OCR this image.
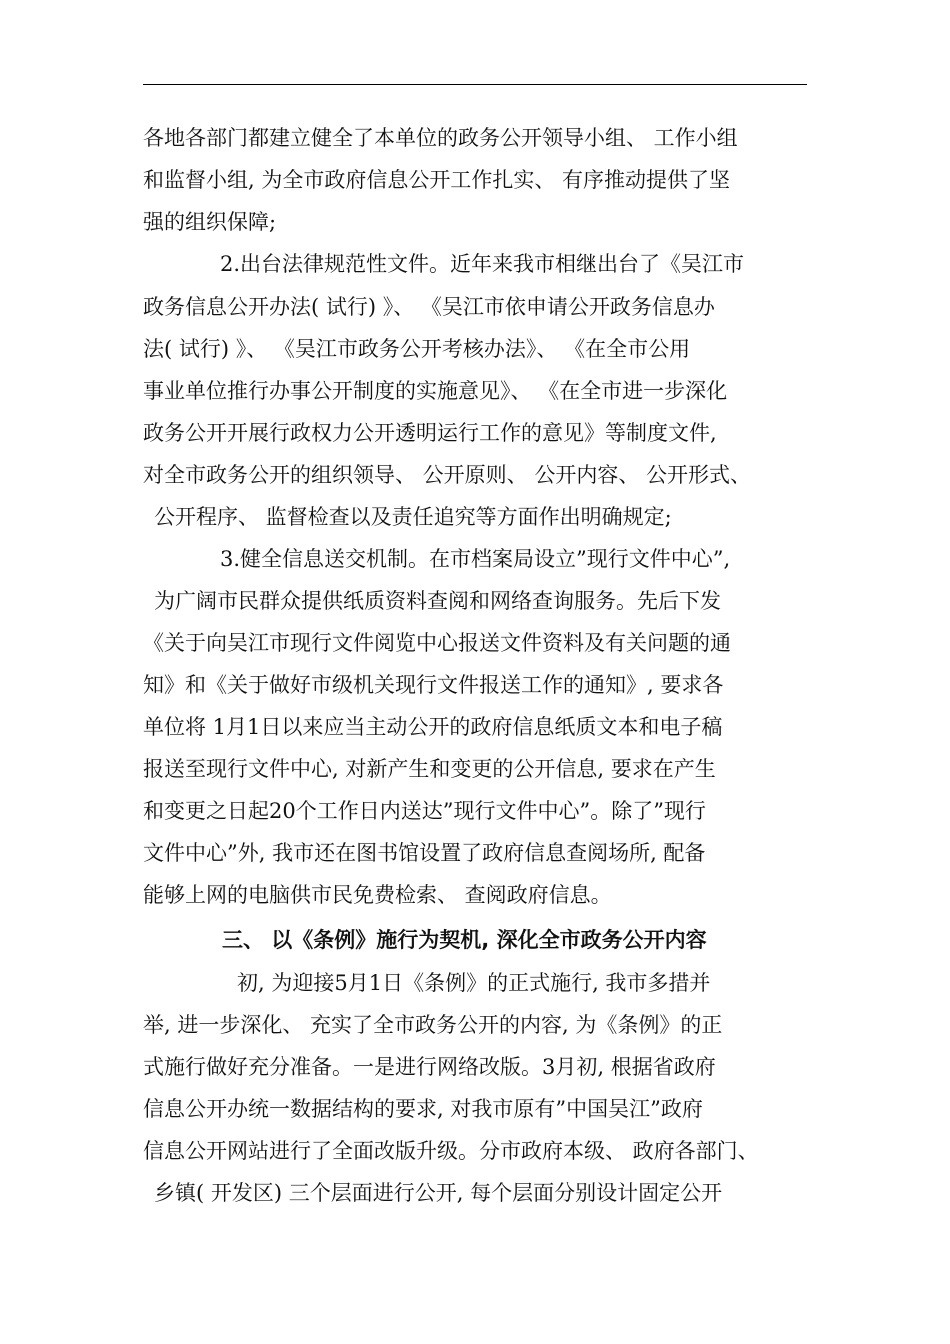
各地各部门都建立健全了本单位的政务公开领导小组、 工作小组
和监督小组, 为全市政府信息公开工作扎实、 有序推动提供了坚
强的组织保障;
2.出台法律规范性文件。近年来我市相继出台了《吴江市
政务信息公开办法( 试行) 》、 《吴江市依申请公开政务信息办
法( 试行) 》、 《吴江市政务公开考核办法》、 《在全市公用
事业单位推行办事公开制度的实施意见》、 《在全市进一步深化
政务公开开展行政权力公开透明运行工作的意见》等制度文件,
对全市政务公开的组织领导、 公开原则、 公开内容、 公开形式、
公开程序、 监督检查以及责任追究等方面作出明确规定;
3.健全信息送交机制。在市档案局设立”现行文件中心”,
为广阔市民群众提供纸质资料查阅和网络查询服务。先后下发
《关于向吴江市现行文件阅览中心报送文件资料及有关问题的通
知》和《关于做好市级机关现行文件报送工作的通知》, 要求各
单位将 1月1日以来应当主动公开的政府信息纸质文本和电子稿
报送至现行文件中心, 对新产生和变更的公开信息, 要求在产生
和变更之日起20个工作日内送达”现行文件中心”。除了”现行
文件中心”外, 我市还在图书馆设置了政府信息查阅场所, 配备
能够上网的电脑供市民免费检索、 查阅政府信息。
三、 以《条例》施行为契机, 深化全市政务公开内容
初, 为迎接5月1日《条例》的正式施行, 我市多措并
举, 进一步深化、 充实了全市政务公开的内容, 为《条例》的正
式施行做好充分准备。一是进行网络改版。3月初, 根据省政府
信息公开办统一数据结构的要求, 对我市原有”中国吴江”政府
信息公开网站进行了全面改版升级。分市政府本级、 政府各部门、
乡镇( 开发区) 三个层面进行公开, 每个层面分别设计固定公开
